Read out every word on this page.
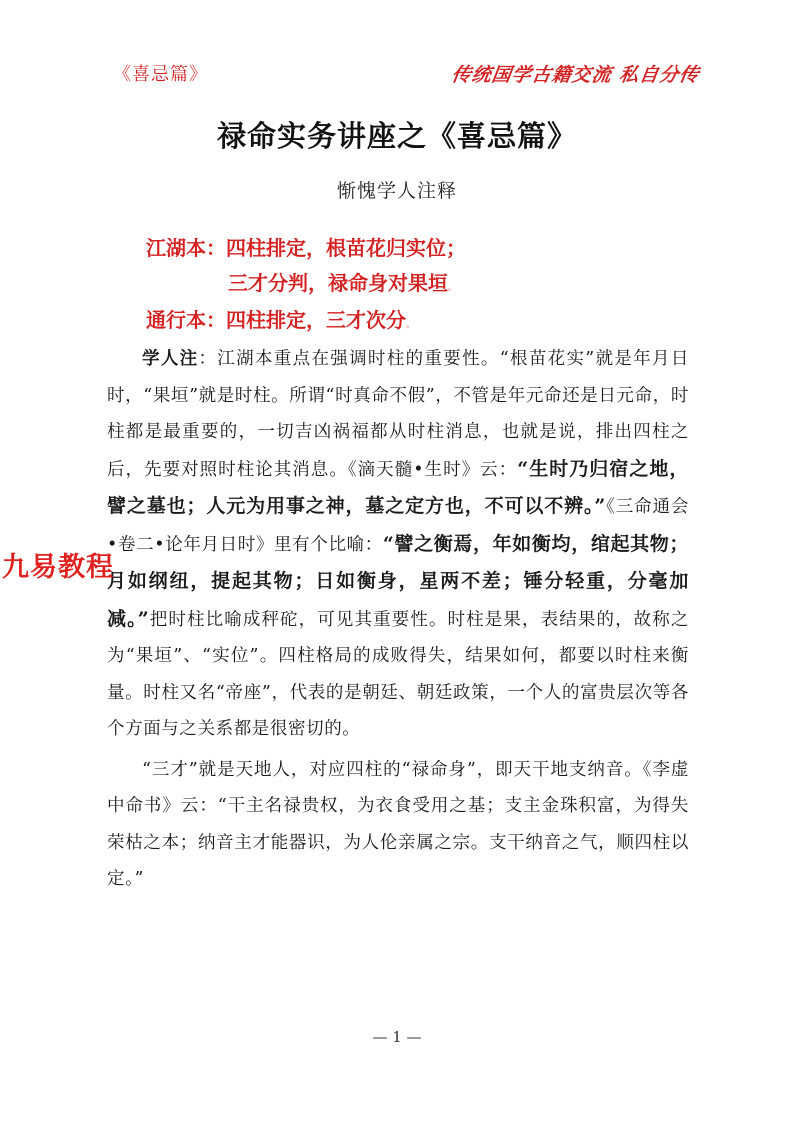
《喜忌篇》	传统国学古籍交流 私自分传
禄命实务讲座之《喜忌篇》
惭愧学人注释
江湖本：四柱排定，根苗花归实位；
三才分判，禄命身对果垣。
通行本：四柱排定，三才次分。

学人注：江湖本重点在强调时柱的重要性。“根苗花实”就是年月日时，“果垣”就是时柱。所谓“时真命不假”，不管是年元命还是日元命，时柱都是最重要的，一切吉凶祸福都从时柱消息，也就是说，排出四柱之后，先要对照时柱论其消息。《滴天髓•生时》云：“生时乃归宿之地，譬之墓也；人元为用事之神，墓之定方也，不可以不辨。”《三命通会•卷二•论年月日时》里有个比喻：“譬之衡焉，年如衡均，绾起其物；月如纲纽，提起其物；日如衡身，星两不差；锤分轻重，分毫加减。”把时柱比喻成秤砣，可见其重要性。时柱是果，表结果的，故称之为“果垣”、“实位”。四柱格局的成败得失，结果如何，都要以时柱来衡量。时柱又名“帝座”，代表的是朝廷、朝廷政策，一个人的富贵层次等各个方面与之关系都是很密切的。

“三才”就是天地人，对应四柱的“禄命身”，即天干地支纳音。《李虚中命书》云：“干主名禄贵权，为衣食受用之基；支主金珠积富，为得失荣枯之本；纳音主才能器识，为人伦亲属之宗。支干纳音之气，顺四柱以定。”

九易教程
— 1 —
